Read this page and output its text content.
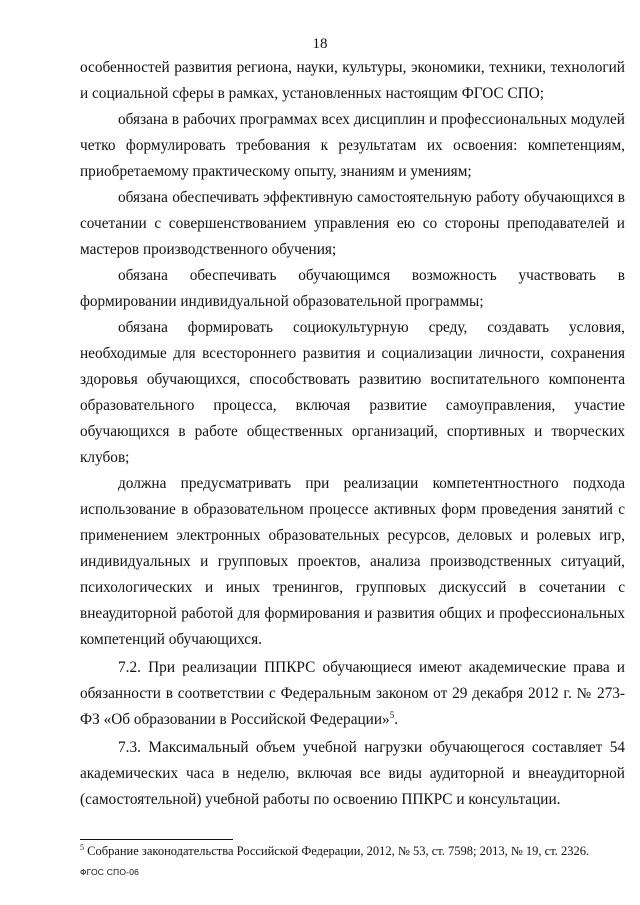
18

особенностей развития региона, науки, культуры, экономики, техники, технологий и социальной сферы в рамках, установленных настоящим ФГОС СПО;

обязана в рабочих программах всех дисциплин и профессиональных модулей четко формулировать требования к результатам их освоения: компетенциям, приобретаемому практическому опыту, знаниям и умениям;

обязана обеспечивать эффективную самостоятельную работу обучающихся в сочетании с совершенствованием управления ею со стороны преподавателей и мастеров производственного обучения;

обязана обеспечивать обучающимся возможность участвовать в формировании индивидуальной образовательной программы;

обязана формировать социокультурную среду, создавать условия, необходимые для всестороннего развития и социализации личности, сохранения здоровья обучающихся, способствовать развитию воспитательного компонента образовательного процесса, включая развитие самоуправления, участие обучающихся в работе общественных организаций, спортивных и творческих клубов;

должна предусматривать при реализации компетентностного подхода использование в образовательном процессе активных форм проведения занятий с применением электронных образовательных ресурсов, деловых и ролевых игр, индивидуальных и групповых проектов, анализа производственных ситуаций, психологических и иных тренингов, групповых дискуссий в сочетании с внеаудиторной работой для формирования и развития общих и профессиональных компетенций обучающихся.

7.2. При реализации ППКРС обучающиеся имеют академические права и обязанности в соответствии с Федеральным законом от 29 декабря 2012 г. № 273-ФЗ «Об образовании в Российской Федерации»$^5$.

7.3. Максимальный объем учебной нагрузки обучающегося составляет 54 академических часа в неделю, включая все виды аудиторной и внеаудиторной (самостоятельной) учебной работы по освоению ППКРС и консультации.

$^5$ Собрание законодательства Российской Федерации, 2012, № 53, ст. 7598; 2013, № 19, ст. 2326.
ФГОС СПО-06
